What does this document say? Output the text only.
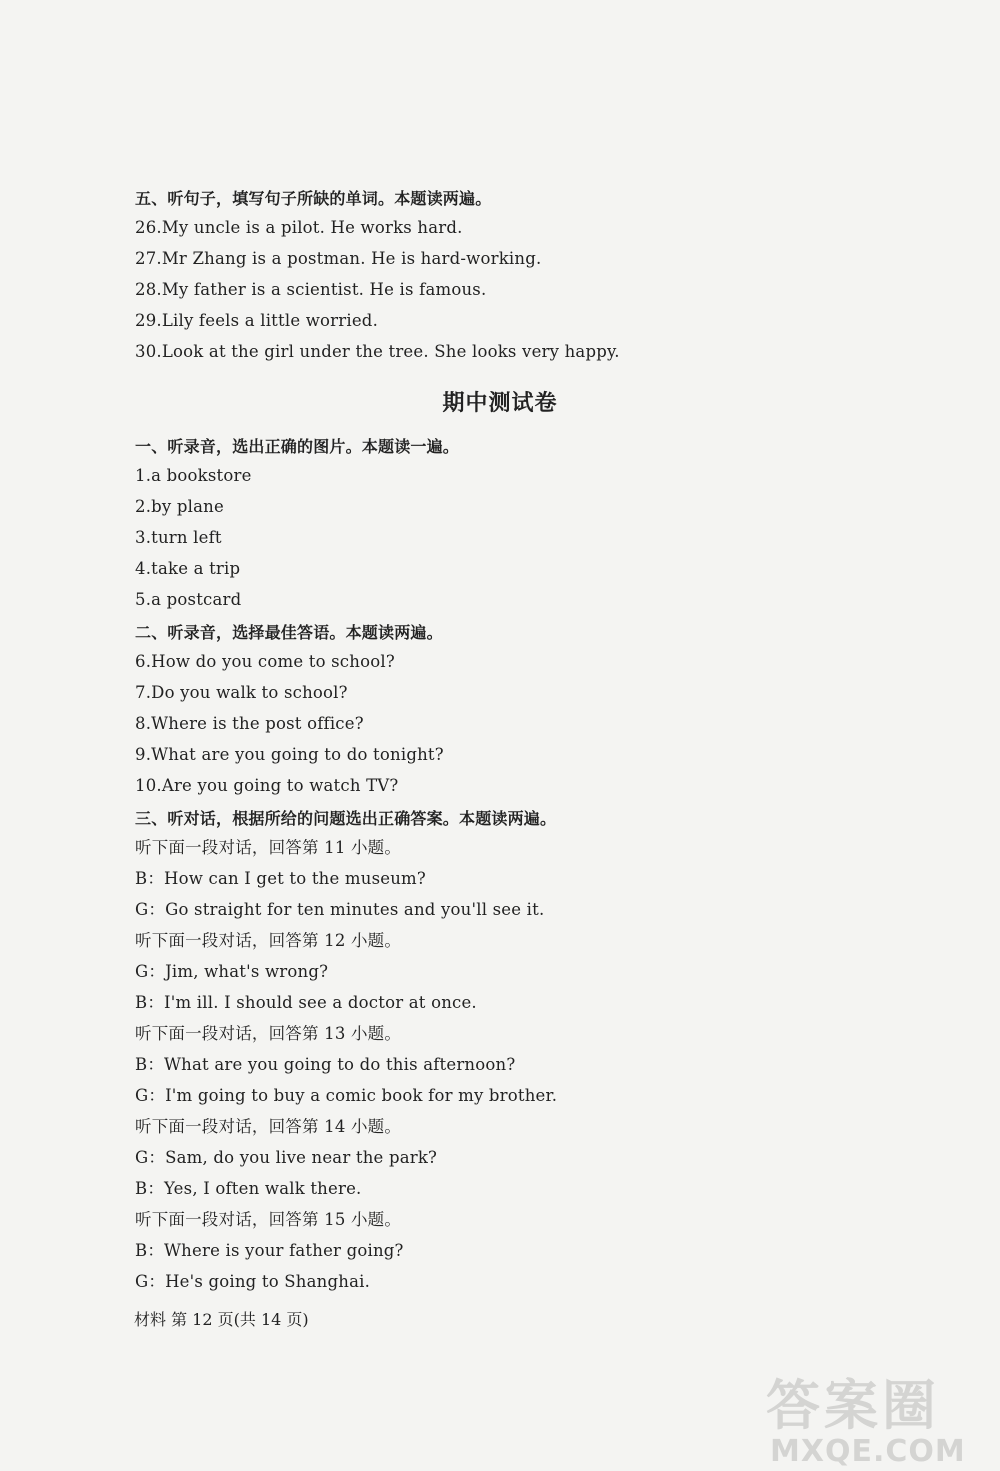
五、听句子，填写句子所缺的单词。本题读两遍。
26.My uncle is a pilot. He works hard.
27.Mr Zhang is a postman. He is hard-working.
28.My father is a scientist. He is famous.
29.Lily feels a little worried.
30.Look at the girl under the tree. She looks very happy.
期中测试卷
一、听录音，选出正确的图片。本题读一遍。
1.a bookstore
2.by plane
3.turn left
4.take a trip
5.a postcard
二、听录音，选择最佳答语。本题读两遍。
6.How do you come to school?
7.Do you walk to school?
8.Where is the post office?
9.What are you going to do tonight?
10.Are you going to watch TV?
三、听对话，根据所给的问题选出正确答案。本题读两遍。
听下面一段对话，回答第 11 小题。
B：How can I get to the museum?
G：Go straight for ten minutes and you'll see it.
听下面一段对话，回答第 12 小题。
G：Jim, what's wrong?
B：I'm ill. I should see a doctor at once.
听下面一段对话，回答第 13 小题。
B：What are you going to do this afternoon?
G：I'm going to buy a comic book for my brother.
听下面一段对话，回答第 14 小题。
G：Sam, do you live near the park?
B：Yes, I often walk there.
听下面一段对话，回答第 15 小题。
B：Where is your father going?
G：He's going to Shanghai.
材料 第 12 页(共 14 页)
答案圈
MXQE.COM
